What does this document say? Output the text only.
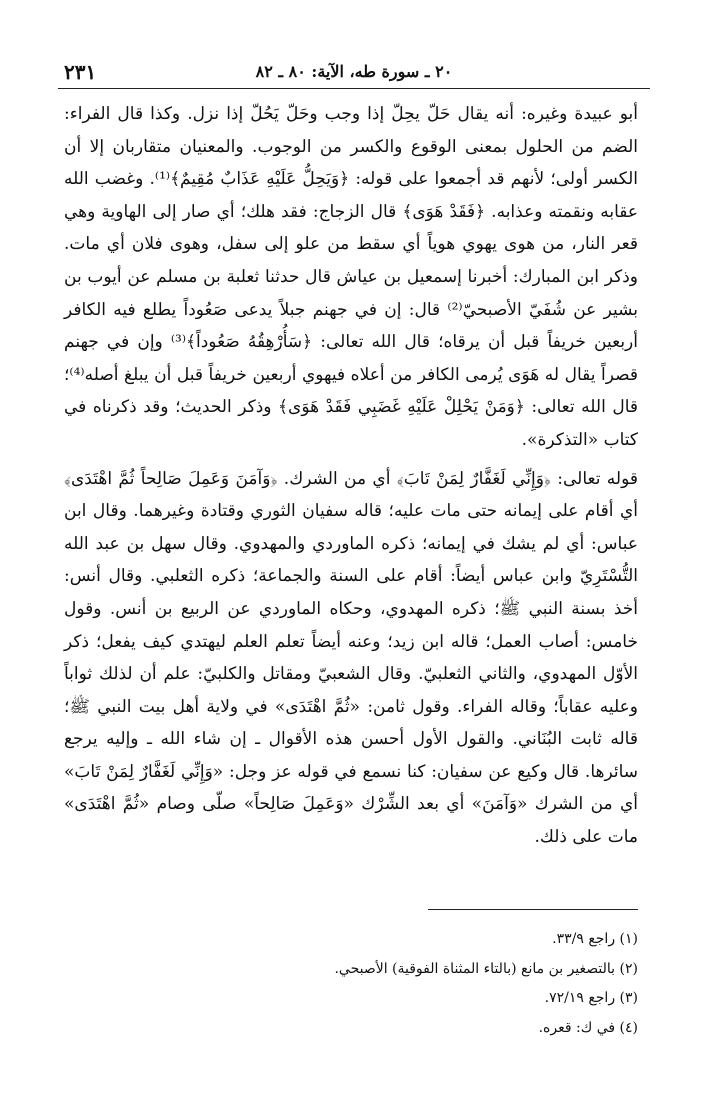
٢٣١	٢٠ ـ سورة طه، الآية: ٨٠ ـ ٨٢

أبو عبيدة وغيره: أنه يقال حَلّ يحِلّ إذا وجب وحَلّ يَحُلّ إذا نزل. وكذا قال الفراء: الضم من الحلول بمعنى الوقوع والكسر من الوجوب. والمعنيان متقاربان إلا أن الكسر أولى؛ لأنهم قد أجمعوا على قوله: ﴿وَيَحِلُّ عَلَيْهِ عَذَابٌ مُقِيمٌ﴾⁽¹⁾. وغضب الله عقابه ونقمته وعذابه. ﴿فَقَدْ هَوَى﴾ قال الزجاج: فقد هلك؛ أي صار إلى الهاوية وهي قعر النار، من هوى يهوي هوياً أي سقط من علو إلى سفل، وهوى فلان أي مات. وذكر ابن المبارك: أخبرنا إسمعيل بن عياش قال حدثنا ثعلبة بن مسلم عن أيوب بن بشير عن شُفَيّ الأصبحيّ⁽²⁾ قال: إن في جهنم جبلاً يدعى صَعُوداً يطلع فيه الكافر أربعين خريفاً قبل أن يرقاه؛ قال الله تعالى: ﴿سَأُرْهِقُهُ صَعُوداً﴾⁽³⁾ وإن في جهنم قصراً يقال له هَوَى يُرمى الكافر من أعلاه فيهوي أربعين خريفاً قبل أن يبلغ أصله⁽⁴⁾؛ قال الله تعالى: ﴿وَمَنْ يَحْلِلْ عَلَيْهِ غَضَبِي فَقَدْ هَوَى﴾ وذكر الحديث؛ وقد ذكرناه في كتاب «التذكرة».

قوله تعالى: ﴿وَإِنِّي لَغَفَّارٌ لِمَنْ تَابَ﴾ أي من الشرك. ﴿وَآمَنَ وَعَمِلَ صَالِحاً ثُمَّ اهْتَدَى﴾ أي أقام على إيمانه حتى مات عليه؛ قاله سفيان الثوري وقتادة وغيرهما. وقال ابن عباس: أي لم يشك في إيمانه؛ ذكره الماوردي والمهدوي. وقال سهل بن عبد الله التُّسْتَرِيّ وابن عباس أيضاً: أقام على السنة والجماعة؛ ذكره الثعلبي. وقال أنس: أخذ بسنة النبي ﷺ؛ ذكره المهدوي، وحكاه الماوردي عن الربيع بن أنس. وقول خامس: أصاب العمل؛ قاله ابن زيد؛ وعنه أيضاً تعلم العلم ليهتدي كيف يفعل؛ ذكر الأوّل المهدوي، والثاني الثعلبيّ. وقال الشعبيّ ومقاتل والكلبيّ: علم أن لذلك ثواباً وعليه عقاباً؛ وقاله الفراء. وقول ثامن: «ثُمَّ اهْتَدَى» في ولاية أهل بيت النبي ﷺ؛ قاله ثابت البُنَاني. والقول الأول أحسن هذه الأقوال ـ إن شاء الله ـ وإليه يرجع سائرها. قال وكيع عن سفيان: كنا نسمع في قوله عز وجل: «وَإِنِّي لَغَفَّارٌ لِمَنْ تَابَ» أي من الشرك «وَآمَنَ» أي بعد الشِّرْك «وَعَمِلَ صَالِحاً» صلّى وصام «ثُمَّ اهْتَدَى» مات على ذلك.

(١) راجع ٣٣/٩.
(٢) بالتصغير بن مانع (بالتاء المثناة الفوقية) الأصبحي.
(٣) راجع ٧٢/١٩.
(٤) في ك: قعره.
